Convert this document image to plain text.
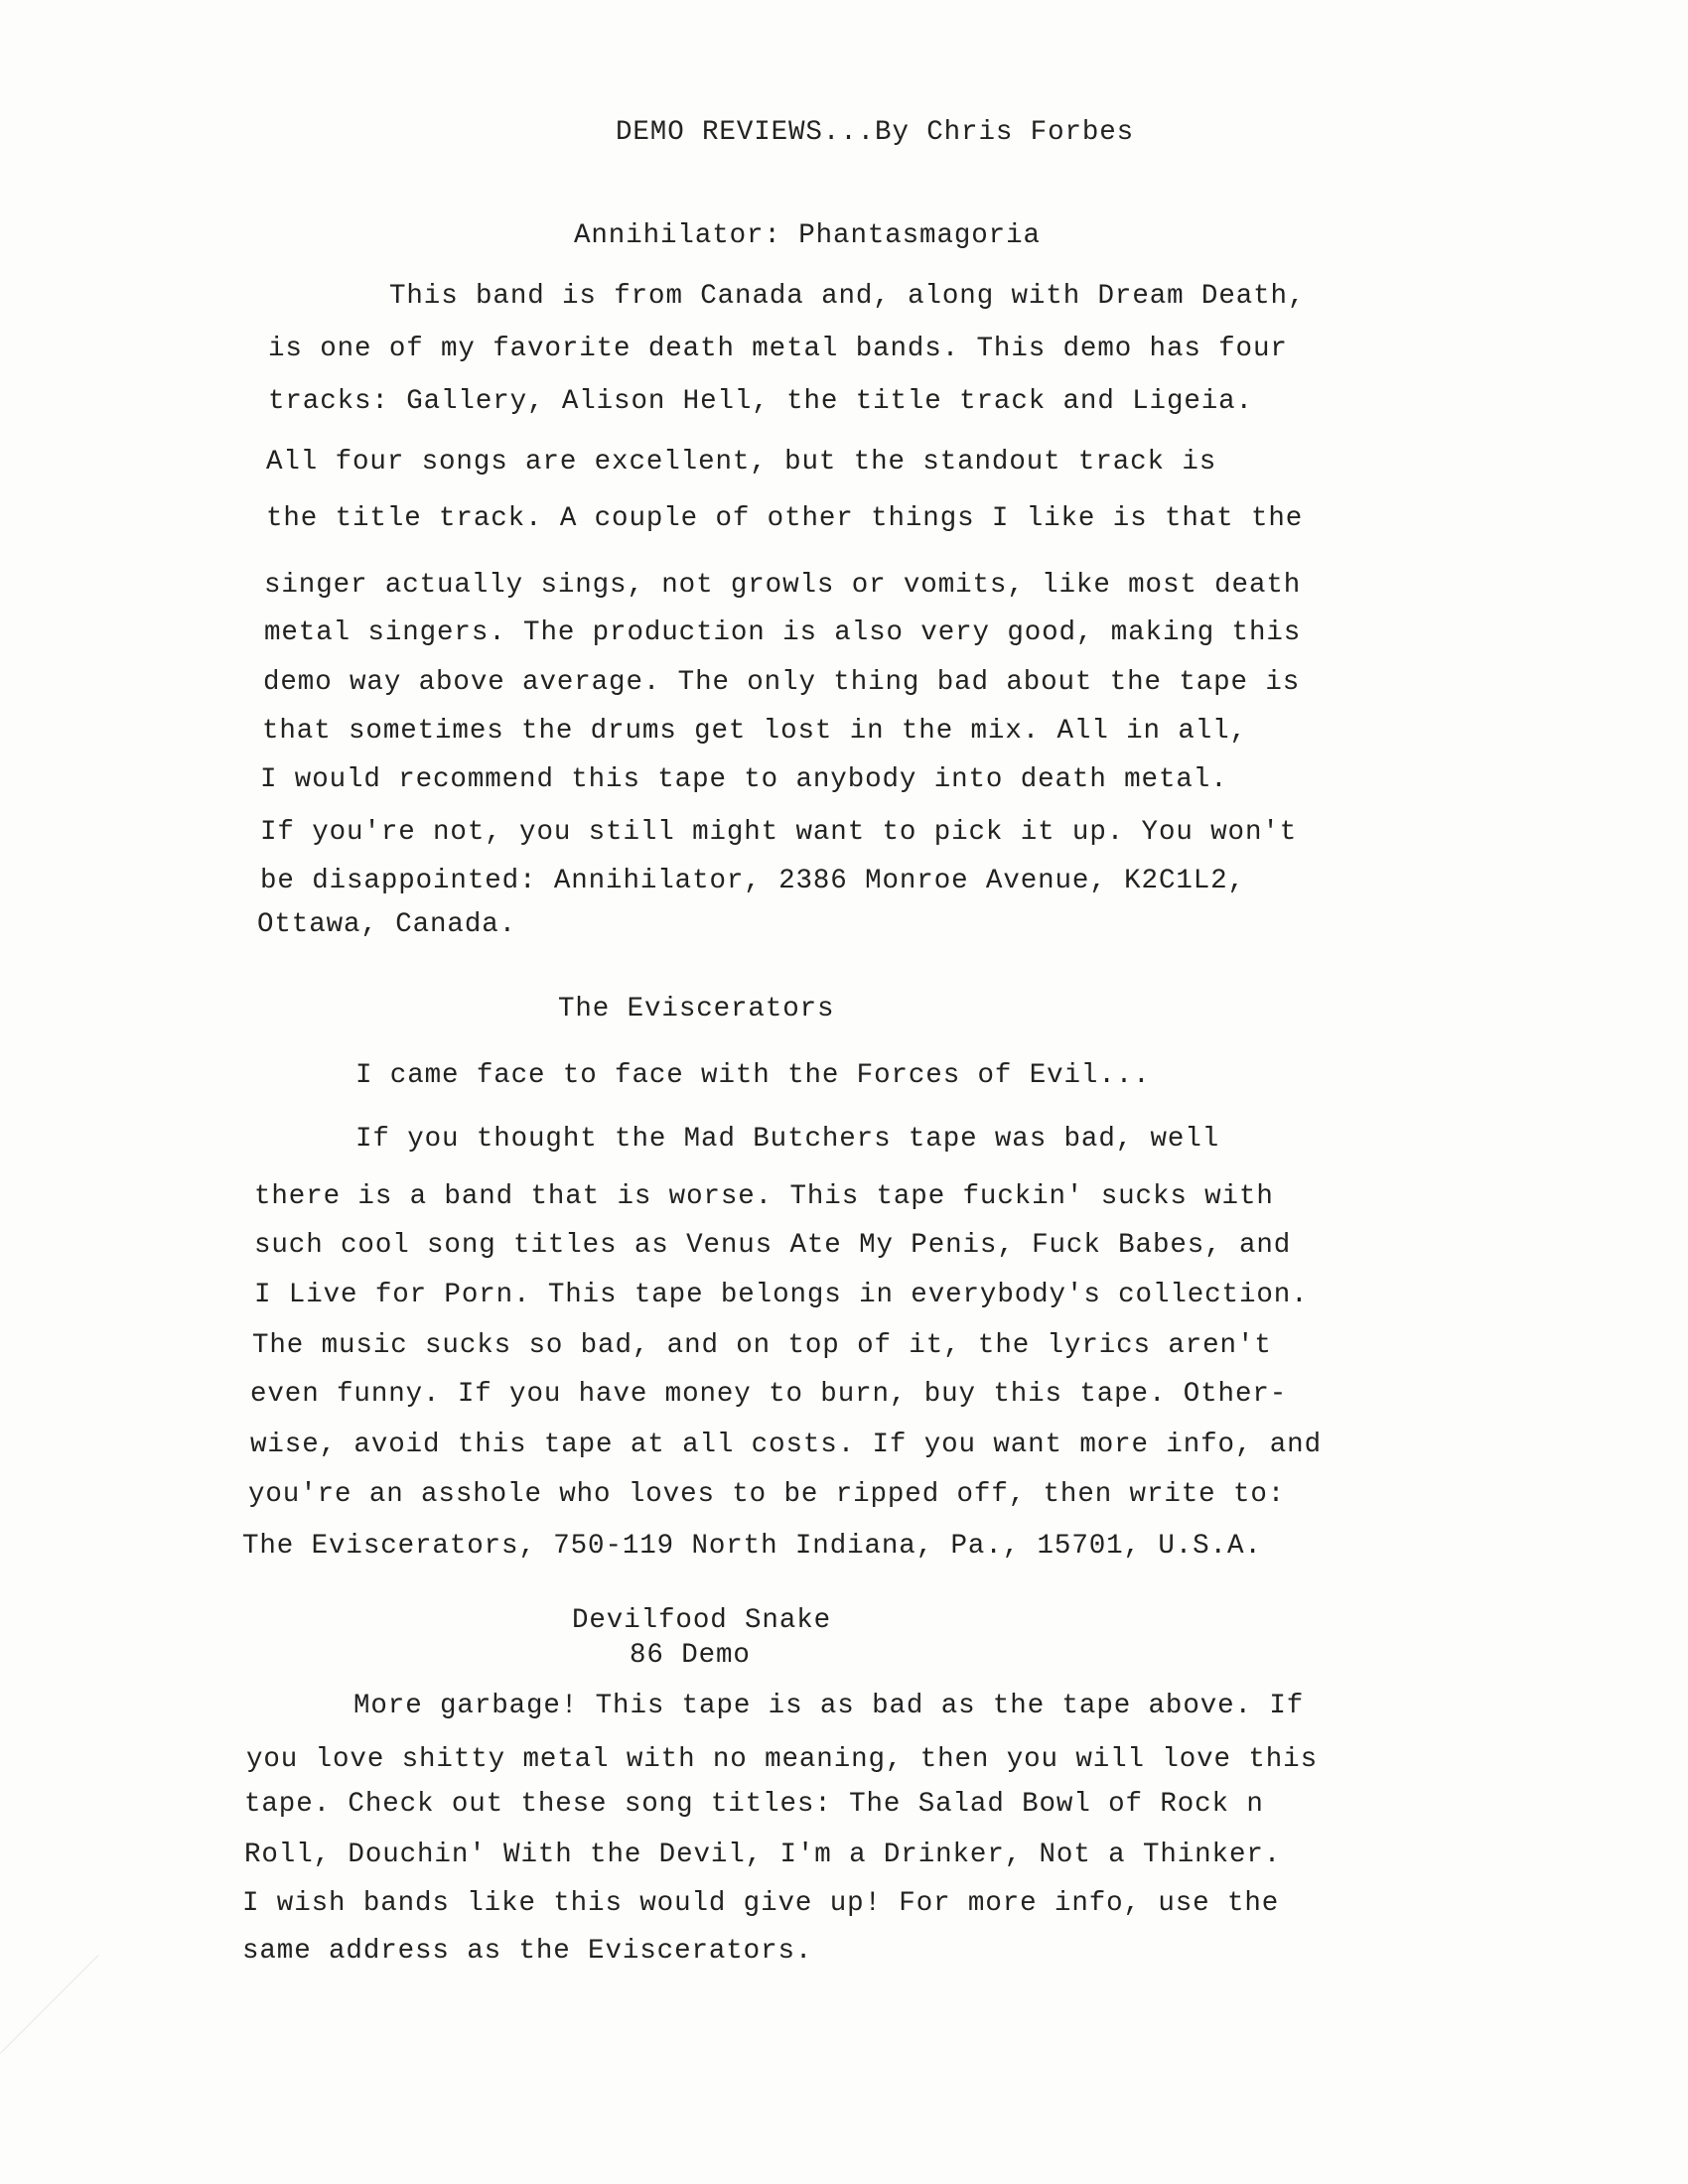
DEMO REVIEWS...By Chris Forbes
Annihilator: Phantasmagoria
This band is from Canada and, along with Dream Death,
is one of my favorite death metal bands. This demo has four
tracks: Gallery, Alison Hell, the title track and Ligeia.
All four songs are excellent, but the standout track is
the title track. A couple of other things I like is that the
singer actually sings, not growls or vomits, like most death
metal singers. The production is also very good, making this
demo way above average. The only thing bad about the tape is
that sometimes the drums get lost in the mix. All in all,
I would recommend this tape to anybody into death metal.
If you're not, you still might want to pick it up. You won't
be disappointed: Annihilator, 2386 Monroe Avenue, K2C1L2,
Ottawa, Canada.
The Eviscerators
I came face to face with the Forces of Evil...
If you thought the Mad Butchers tape was bad, well
there is a band that is worse. This tape fuckin' sucks with
such cool song titles as Venus Ate My Penis, Fuck Babes, and
I Live for Porn. This tape belongs in everybody's collection.
The music sucks so bad, and on top of it, the lyrics aren't
even funny. If you have money to burn, buy this tape. Other-
wise, avoid this tape at all costs. If you want more info, and
you're an asshole who loves to be ripped off, then write to:
The Eviscerators, 750-119 North Indiana, Pa., 15701, U.S.A.
Devilfood Snake
86 Demo
More garbage! This tape is as bad as the tape above. If
you love shitty metal with no meaning, then you will love this
tape. Check out these song titles: The Salad Bowl of Rock n
Roll, Douchin' With the Devil, I'm a Drinker, Not a Thinker.
I wish bands like this would give up! For more info, use the
same address as the Eviscerators.
